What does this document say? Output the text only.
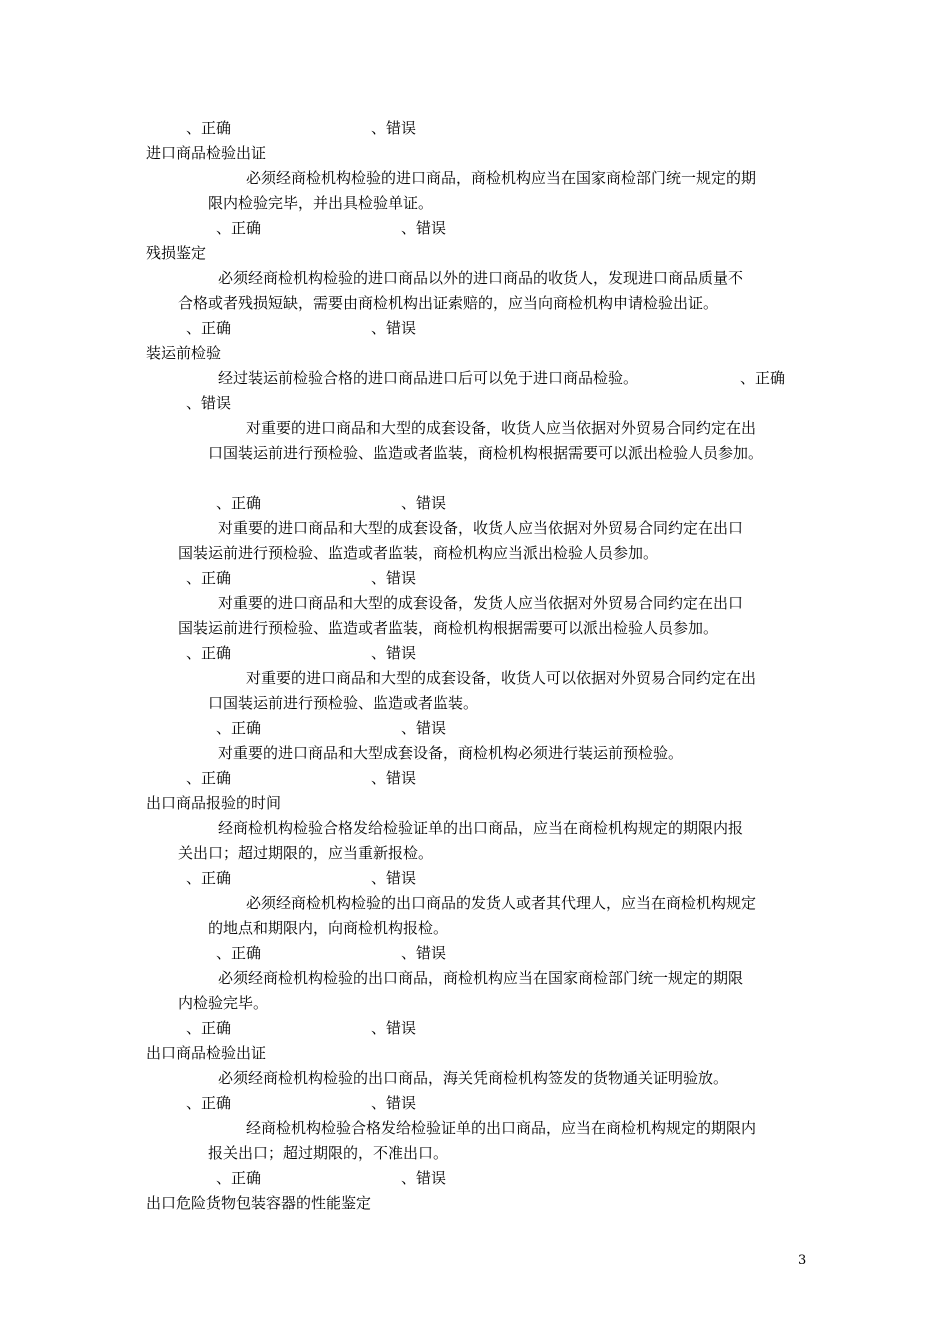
、正确	、错误
进口商品检验出证
必须经商检机构检验的进口商品，商检机构应当在国家商检部门统一规定的期
限内检验完毕，并出具检验单证。
、正确	、错误
残损鉴定
必须经商检机构检验的进口商品以外的进口商品的收货人，发现进口商品质量不
合格或者残损短缺，需要由商检机构出证索赔的，应当向商检机构申请检验出证。
、正确	、错误
装运前检验
经过装运前检验合格的进口商品进口后可以免于进口商品检验。	、正确
、错误
对重要的进口商品和大型的成套设备，收货人应当依据对外贸易合同约定在出
口国装运前进行预检验、监造或者监装，商检机构根据需要可以派出检验人员参加。
、正确	、错误
对重要的进口商品和大型的成套设备，收货人应当依据对外贸易合同约定在出口
国装运前进行预检验、监造或者监装，商检机构应当派出检验人员参加。
、正确	、错误
对重要的进口商品和大型的成套设备，发货人应当依据对外贸易合同约定在出口
国装运前进行预检验、监造或者监装，商检机构根据需要可以派出检验人员参加。
、正确	、错误
对重要的进口商品和大型的成套设备，收货人可以依据对外贸易合同约定在出
口国装运前进行预检验、监造或者监装。
、正确	、错误
对重要的进口商品和大型成套设备，商检机构必须进行装运前预检验。
、正确	、错误
出口商品报验的时间
经商检机构检验合格发给检验证单的出口商品，应当在商检机构规定的期限内报
关出口；超过期限的，应当重新报检。
、正确	、错误
必须经商检机构检验的出口商品的发货人或者其代理人，应当在商检机构规定
的地点和期限内，向商检机构报检。
、正确	、错误
必须经商检机构检验的出口商品，商检机构应当在国家商检部门统一规定的期限
内检验完毕。
、正确	、错误
出口商品检验出证
必须经商检机构检验的出口商品，海关凭商检机构签发的货物通关证明验放。
、正确	、错误
经商检机构检验合格发给检验证单的出口商品，应当在商检机构规定的期限内
报关出口；超过期限的，不准出口。
、正确	、错误
出口危险货物包装容器的性能鉴定
3
